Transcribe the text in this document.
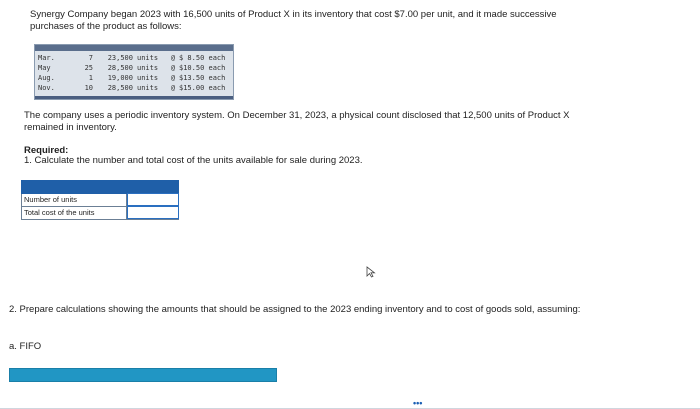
Synergy Company began 2023 with 16,500 units of Product X in its inventory that cost $7.00 per unit, and it made successive purchases of the product as follows:
Mar.	7	23,500 units	@ $ 8.50 each
May	25	28,500 units	@ $10.50 each
Aug.	1	19,000 units	@ $13.50 each
Nov.	10	28,500 units	@ $15.00 each
The company uses a periodic inventory system. On December 31, 2023, a physical count disclosed that 12,500 units of Product X remained in inventory.
Required:
1. Calculate the number and total cost of the units available for sale during 2023.
Number of units
Total cost of the units
2. Prepare calculations showing the amounts that should be assigned to the 2023 ending inventory and to cost of goods sold, assuming:
a. FIFO
•••
